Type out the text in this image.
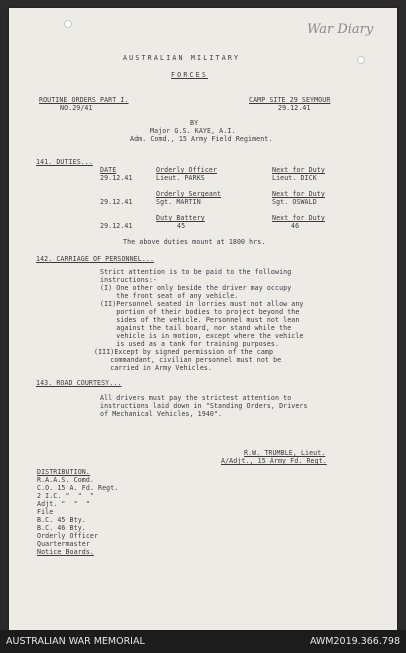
War Diary
AUSTRALIAN MILITARY
FORCES
ROUTINE ORDERS PART I.
NO.29/41
CAMP SITE 29 SEYMOUR
29.12.41
BY
Major G.S. KAYE, A.I.
Adm. Comd., 15 Army Field Regiment.
141. DUTIES...
DATE
29.12.41
Orderly Officer
Lieut. PARKS
Next for Duty
Lieut. DICK
29.12.41
Orderly Sergeant
Sgt. MARTIN
Next for Duty
Sgt. OSWALD
29.12.41
Duty Battery
45
Next for Duty
46
The above duties mount at 1800 hrs.
142. CARRIAGE OF PERSONNEL...
Strict attention is to be paid to the following
instructions:-
(I) One other only beside the driver may occupy
the front seat of any vehicle.
(II)Personnel seated in lorries must not allow any
portion of their bodies to project beyond the
sides of the vehicle. Personnel must not lean
against the tail board, nor stand while the
vehicle is in motion, except where the vehicle
is used as a tank for training purposes.
(III)Except by signed permission of the camp
commandant, civilian personnel must not be
carried in Army Vehicles.
143. ROAD COURTESY...
All drivers must pay the strictest attention to
instructions laid down in "Standing Orders, Drivers
of Mechanical Vehicles, 1940".
R.W. TRUMBLE, Lieut.
A/Adjt., 15 Army Fd. Regt.
DISTRIBUTION.
R.A.A.S. Comd.
C.O. 15 A. Fd. Regt.
2 I.C. "  "  "
Adjt. "  "  "
File
B.C. 45 Bty.
B.C. 46 Bty.
Orderly Officer
Quartermaster
Notice Boards.
AUSTRALIAN WAR MEMORIAL	AWM2019.366.798
